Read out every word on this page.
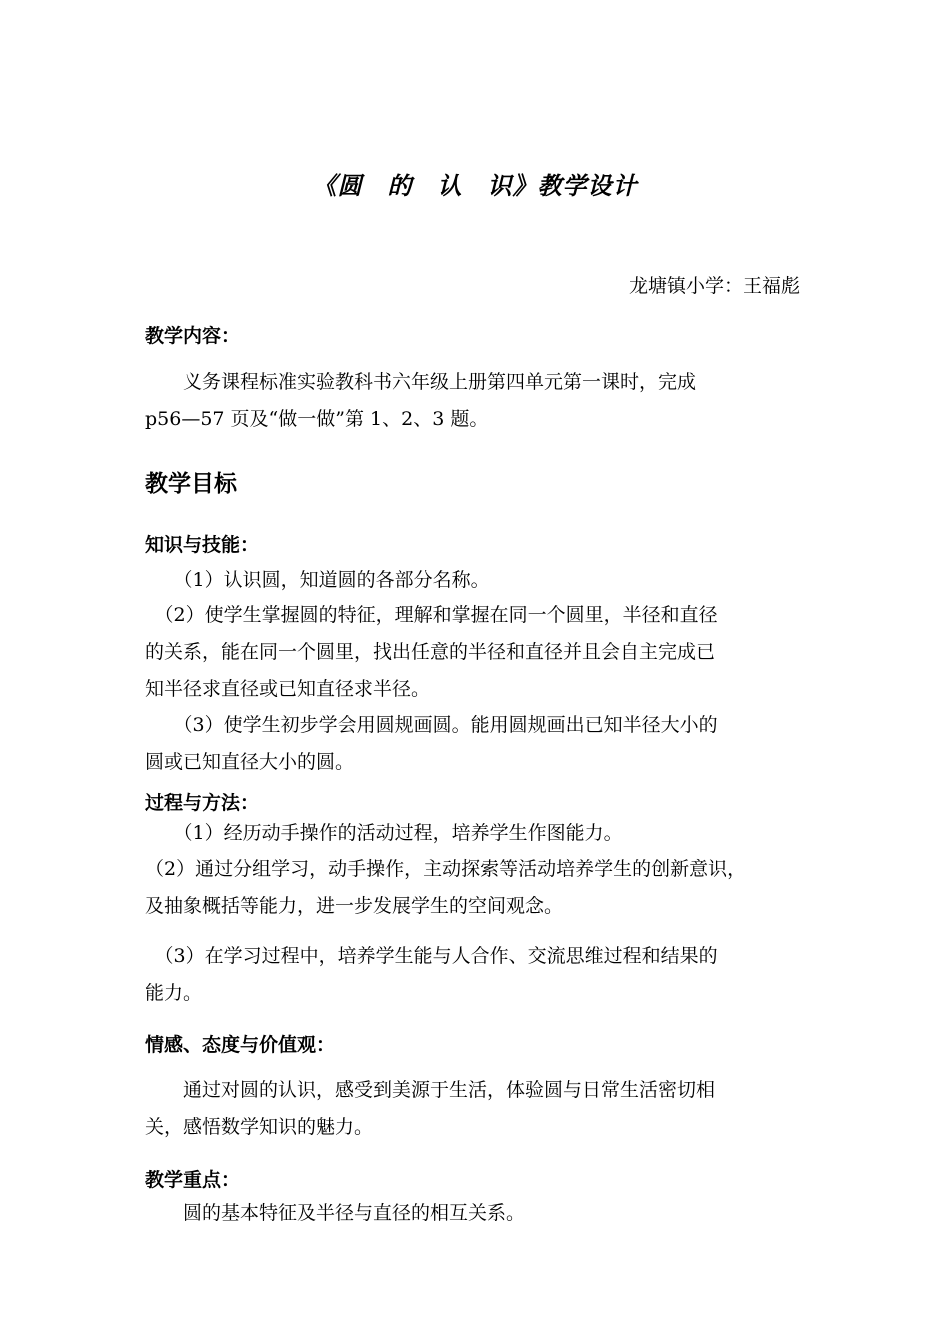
《圆　的　认　识》教学设计
龙塘镇小学：王福彪
教学内容：
　　义务课程标准实验教科书六年级上册第四单元第一课时，完成
p56—57 页及“做一做”第 1、2、3 题。
教学目标
知识与技能：
　　（1）认识圆，知道圆的各部分名称。
　（2）使学生掌握圆的特征，理解和掌握在同一个圆里，半径和直径
的关系，能在同一个圆里，找出任意的半径和直径并且会自主完成已
知半径求直径或已知直径求半径。
　　（3）使学生初步学会用圆规画圆。能用圆规画出已知半径大小的
圆或已知直径大小的圆。
过程与方法：
　　（1）经历动手操作的活动过程，培养学生作图能力。
（2）通过分组学习，动手操作，主动探索等活动培养学生的创新意识，
及抽象概括等能力，进一步发展学生的空间观念。
　（3）在学习过程中，培养学生能与人合作、交流思维过程和结果的
能力。
情感、态度与价值观：
　　通过对圆的认识，感受到美源于生活，体验圆与日常生活密切相
关，感悟数学知识的魅力。
教学重点：
　　圆的基本特征及半径与直径的相互关系。
